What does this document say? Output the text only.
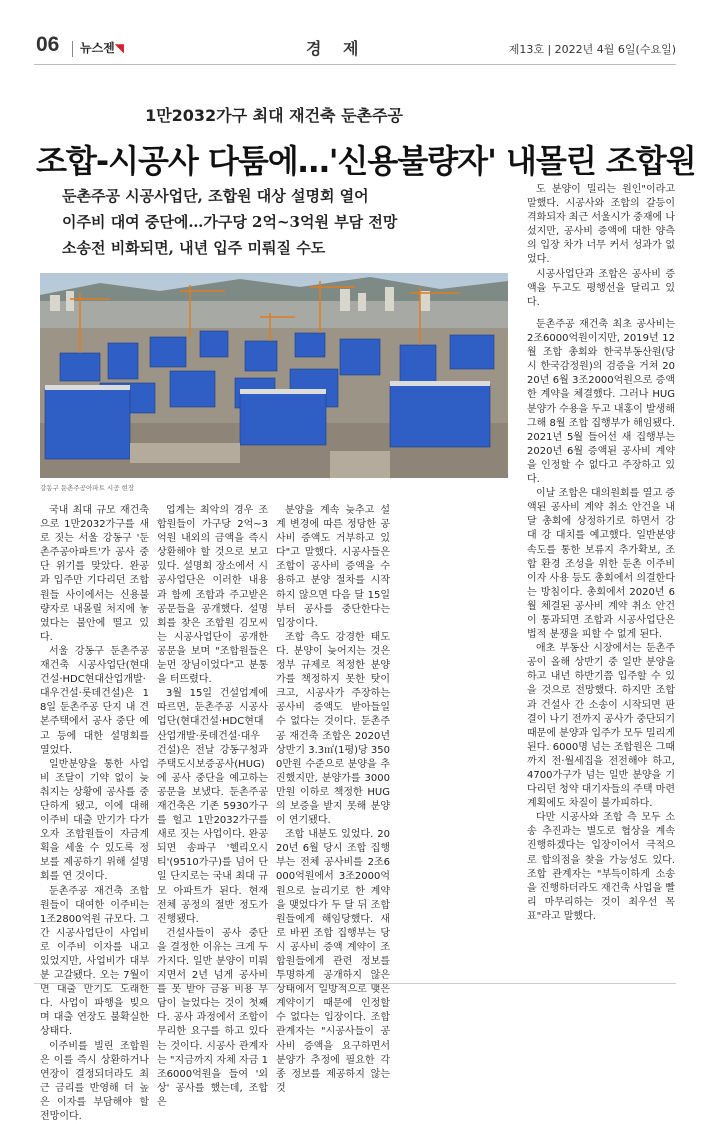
06 뉴스젠◥	경 제	제13호 | 2022년 4월 6일(수요일)
1만2032가구 최대 재건축 둔촌주공
조합-시공사 다툼에…'신용불량자' 내몰린 조합원
둔촌주공 시공사업단, 조합원 대상 설명회 열어
이주비 대여 중단에…가구당 2억~3억원 부담 전망
소송전 비화되면, 내년 입주 미뤄질 수도
강동구 둔촌주공아파트 시공 현장

국내 최대 규모 재건축으로 1만2032가구를 새로 짓는 서울 강동구 '둔촌주공아파트'가 공사 중단 위기를 맞았다. 완공과 입주만 기다리던 조합원들 사이에서는 신용불량자로 내몰릴 처지에 놓였다는 불안에 떨고 있다.

서울 강동구 둔촌주공 재건축 시공사업단(현대건설·HDC현대산업개발·대우건설·롯데건설)은 18일 둔촌주공 단지 내 견본주택에서 공사 중단 예고 등에 대한 설명회를 열었다.

일반분양을 통한 사업비 조달이 기약 없이 늦춰지는 상황에 공사를 중단하게 됐고, 이에 대해 이주비 대출 만기가 다가오자 조합원들이 자금계획을 세울 수 있도록 정보를 제공하기 위해 설명회를 연 것이다.

둔촌주공 재건축 조합원들이 대여한 이주비는 1조2800억원 규모다. 그간 시공사업단이 사업비로 이주비 이자를 내고 있었지만, 사업비가 대부분 고갈됐다. 오는 7월이면 대출 만기도 도래한다. 사업이 파행을 빚으며 대출 연장도 불확실한 상태다.

이주비를 빌린 조합원은 이를 즉시 상환하거나 연장이 결정되더라도 최근 금리를 반영해 더 높은 이자를 부담해야 할 전망이다.

업계는 최악의 경우 조합원들이 가구당 2억~3억원 내외의 금액을 즉시 상환해야 할 것으로 보고 있다. 설명회 장소에서 시공사업단은 이러한 내용과 함께 조합과 주고받은 공문들을 공개했다. 설명회를 찾은 조합원 김모씨는 시공사업단이 공개한 공문을 보며 "조합원들은 눈먼 장님이었다"고 분통을 터뜨렸다.

3월 15일 건설업계에 따르면, 둔촌주공 시공사업단(현대건설·HDC현대산업개발·롯데건설·대우건설)은 전날 강동구청과 주택도시보증공사(HUG)에 공사 중단을 예고하는 공문을 보냈다. 둔촌주공 재건축은 기존 5930가구를 헐고 1만2032가구를 새로 짓는 사업이다. 완공되면 송파구 '헬리오시티'(9510가구)를 넘어 단일 단지로는 국내 최대 규모 아파트가 된다. 현재 전체 공정의 절반 정도가 진행됐다.

건설사들이 공사 중단을 결정한 이유는 크게 두 가지다. 일반 분양이 미뤄지면서 2년 넘게 공사비를 못 받아 금융 비용 부담이 늘었다는 것이 첫째다. 공사 과정에서 조합이 무리한 요구를 하고 있다는 것이다. 시공사 관계자는 "지금까지 자체 자금 1조6000억원을 들여 '외상' 공사를 했는데, 조합은

분양을 계속 늦추고 설계 변경에 따른 정당한 공사비 증액도 거부하고 있다"고 말했다. 시공사들은 조합이 공사비 증액을 수용하고 분양 절차를 시작하지 않으면 다음 달 15일부터 공사를 중단한다는 입장이다.

조합 측도 강경한 태도다. 분양이 늦어지는 것은 정부 규제로 적정한 분양가를 책정하지 못한 탓이 크고, 시공사가 주장하는 공사비 증액도 받아들일 수 없다는 것이다. 둔촌주공 재건축 조합은 2020년 상반기 3.3㎡(1평)당 3500만원 수준으로 분양을 추진했지만, 분양가를 3000만원 이하로 책정한 HUG의 보증을 받지 못해 분양이 연기됐다.

조합 내분도 있었다. 2020년 6월 당시 조합 집행부는 전체 공사비를 2조6000억원에서 3조2000억원으로 늘리기로 한 계약을 맺었다가 두 달 뒤 조합원들에게 해임당했다. 새로 바뀐 조합 집행부는 당시 공사비 증액 계약이 조합원들에게 관련 정보를 투명하게 공개하지 않은 상태에서 일방적으로 맺은 계약이기 때문에 인정할 수 없다는 입장이다. 조합 관계자는 "시공사들이 공사비 증액을 요구하면서 분양가 추정에 필요한 각종 정보를 제공하지 않는 것

도 분양이 밀리는 원인"이라고 말했다. 시공사와 조합의 갈등이 격화되자 최근 서울시가 중재에 나섰지만, 공사비 증액에 대한 양측의 입장 차가 너무 커서 성과가 없었다.

시공사업단과 조합은 공사비 증액을 두고도 평행선을 달리고 있다.

둔촌주공 재건축 최초 공사비는 2조6000억원이지만, 2019년 12월 조합 총회와 한국부동산원(당시 한국감정원)의 검증을 거쳐 2020년 6월 3조2000억원으로 증액한 계약을 체결했다. 그러나 HUG 분양가 수용을 두고 내홍이 발생해 그해 8월 조합 집행부가 해임됐다. 2021년 5월 들어선 새 집행부는 2020년 6월 증액된 공사비 계약을 인정할 수 없다고 주장하고 있다.

이날 조합은 대의원회를 열고 증액된 공사비 계약 취소 안건을 내달 총회에 상정하기로 하면서 강 대 강 대치를 예고했다. 일반분양 속도를 통한 보류지 추가확보, 조합 환경 조성을 위한 둔촌 이주비 이자 사용 등도 총회에서 의결한다는 방침이다. 총회에서 2020년 6월 체결된 공사비 계약 취소 안건이 통과되면 조합과 시공사업단은 법적 분쟁을 피할 수 없게 된다.

애초 부동산 시장에서는 둔촌주공이 올해 상반기 중 일반 분양을 하고 내년 하반기쯤 입주할 수 있을 것으로 전망했다. 하지만 조합과 건설사 간 소송이 시작되면 판결이 나기 전까지 공사가 중단되기 때문에 분양과 입주가 모두 밀리게 된다. 6000명 넘는 조합원은 그때까지 전·월세집을 전전해야 하고, 4700가구가 넘는 일반 분양을 기다리던 청약 대기자들의 주택 마련 계획에도 차질이 불가피하다.

다만 시공사와 조합 측 모두 소송 추진과는 별도로 협상을 계속 진행하겠다는 입장이어서 극적으로 합의점을 찾을 가능성도 있다. 조합 관계자는 "부득이하게 소송을 진행하더라도 재건축 사업을 빨리 마무리하는 것이 최우선 목표"라고 말했다.
